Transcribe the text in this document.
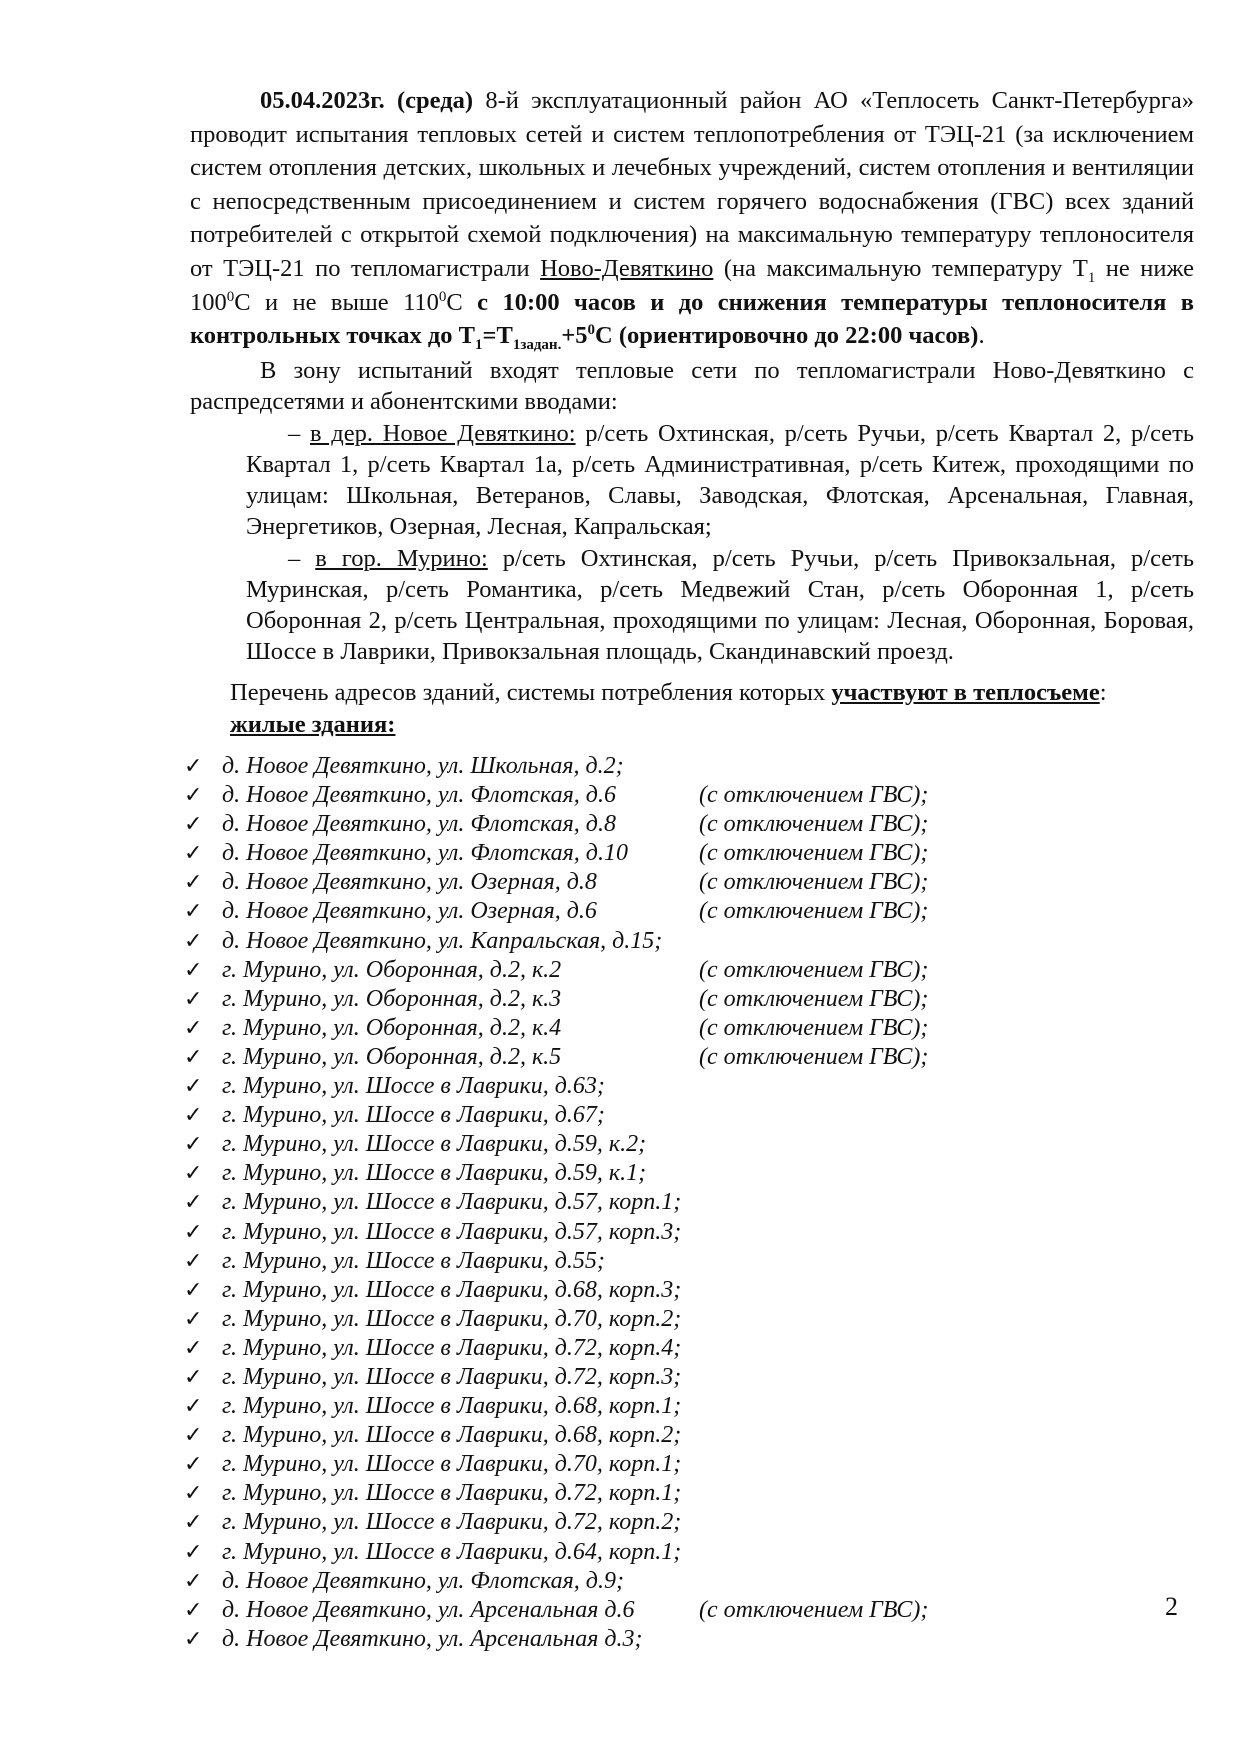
05.04.2023г. (среда) 8-й эксплуатационный район АО «Теплосеть Санкт-Петербурга» проводит испытания тепловых сетей и систем теплопотребления от ТЭЦ-21 (за исключением систем отопления детских, школьных и лечебных учреждений, систем отопления и вентиляции с непосредственным присоединением и систем горячего водоснабжения (ГВС) всех зданий потребителей с открытой схемой подключения) на максимальную температуру теплоносителя от ТЭЦ-21 по тепломагистрали Ново-Девяткино (на максимальную температуру $Т_1$ не ниже $100^0С$ и не выше $110^0С$ с 10:00 часов и до снижения температуры теплоносителя в контрольных точках до $Т_1=Т_{1задан.}+5^0С$ (ориентировочно до 22:00 часов).

В зону испытаний входят тепловые сети по тепломагистрали Ново-Девяткино с распредсетями и абонентскими вводами:

– в дер. Новое Девяткино: р/сеть Охтинская, р/сеть Ручьи, р/сеть Квартал 2, р/сеть Квартал 1, р/сеть Квартал 1а, р/сеть Административная, р/сеть Китеж, проходящими по улицам: Школьная, Ветеранов, Славы, Заводская, Флотская, Арсенальная, Главная, Энергетиков, Озерная, Лесная, Капральская;

– в гор. Мурино: р/сеть Охтинская, р/сеть Ручьи, р/сеть Привокзальная, р/сеть Муринская, р/сеть Романтика, р/сеть Медвежий Стан, р/сеть Оборонная 1, р/сеть Оборонная 2, р/сеть Центральная, проходящими по улицам: Лесная, Оборонная, Боровая, Шоссе в Лаврики, Привокзальная площадь, Скандинавский проезд.

Перечень адресов зданий, системы потребления которых участвуют в теплосъеме:
жилые здания:
✓ д. Новое Девяткино, ул. Школьная, д.2;
✓ д. Новое Девяткино, ул. Флотская, д.6	(с отключением ГВС);
✓ д. Новое Девяткино, ул. Флотская, д.8	(с отключением ГВС);
✓ д. Новое Девяткино, ул. Флотская, д.10	(с отключением ГВС);
✓ д. Новое Девяткино, ул. Озерная, д.8	(с отключением ГВС);
✓ д. Новое Девяткино, ул. Озерная, д.6	(с отключением ГВС);
✓ д. Новое Девяткино, ул. Капральская, д.15;
✓ г. Мурино, ул. Оборонная, д.2, к.2	(с отключением ГВС);
✓ г. Мурино, ул. Оборонная, д.2, к.3	(с отключением ГВС);
✓ г. Мурино, ул. Оборонная, д.2, к.4	(с отключением ГВС);
✓ г. Мурино, ул. Оборонная, д.2, к.5	(с отключением ГВС);
✓ г. Мурино, ул. Шоссе в Лаврики, д.63;
✓ г. Мурино, ул. Шоссе в Лаврики, д.67;
✓ г. Мурино, ул. Шоссе в Лаврики, д.59, к.2;
✓ г. Мурино, ул. Шоссе в Лаврики, д.59, к.1;
✓ г. Мурино, ул. Шоссе в Лаврики, д.57, корп.1;
✓ г. Мурино, ул. Шоссе в Лаврики, д.57, корп.3;
✓ г. Мурино, ул. Шоссе в Лаврики, д.55;
✓ г. Мурино, ул. Шоссе в Лаврики, д.68, корп.3;
✓ г. Мурино, ул. Шоссе в Лаврики, д.70, корп.2;
✓ г. Мурино, ул. Шоссе в Лаврики, д.72, корп.4;
✓ г. Мурино, ул. Шоссе в Лаврики, д.72, корп.3;
✓ г. Мурино, ул. Шоссе в Лаврики, д.68, корп.1;
✓ г. Мурино, ул. Шоссе в Лаврики, д.68, корп.2;
✓ г. Мурино, ул. Шоссе в Лаврики, д.70, корп.1;
✓ г. Мурино, ул. Шоссе в Лаврики, д.72, корп.1;
✓ г. Мурино, ул. Шоссе в Лаврики, д.72, корп.2;
✓ г. Мурино, ул. Шоссе в Лаврики, д.64, корп.1;
✓ д. Новое Девяткино, ул. Флотская, д.9;
✓ д. Новое Девяткино, ул. Арсенальная д.6	(с отключением ГВС);
✓ д. Новое Девяткино, ул. Арсенальная д.3;
2
